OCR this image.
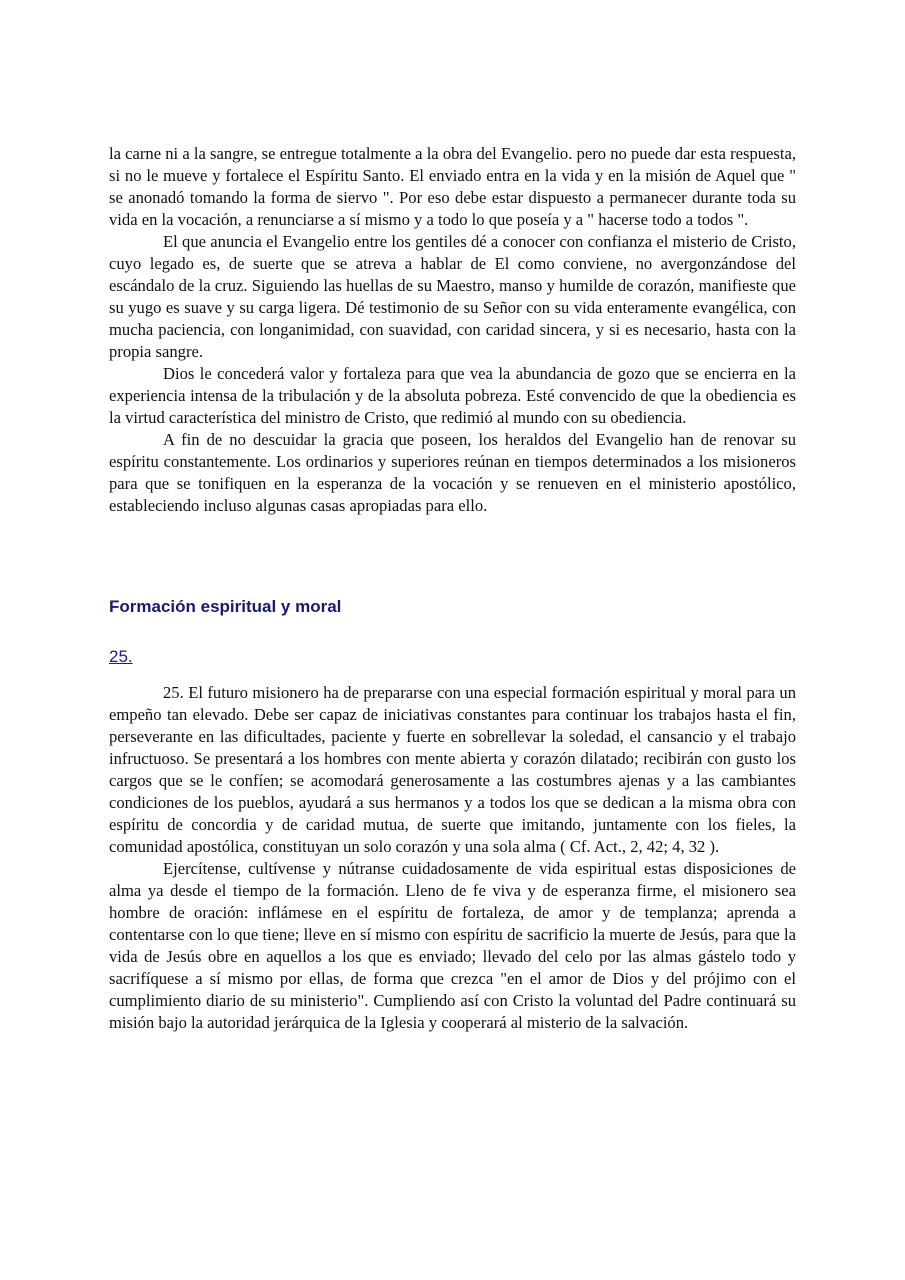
la carne ni a la sangre, se entregue totalmente a la obra del Evangelio. pero no puede dar esta respuesta, si no le mueve y fortalece el Espíritu Santo. El enviado entra en la vida y en la misión de Aquel que " se anonadó tomando la forma de siervo ". Por eso debe estar dispuesto a permanecer durante toda su vida en la vocación, a renunciarse a sí mismo y a todo lo que poseía y a " hacerse todo a todos ".

El que anuncia el Evangelio entre los gentiles dé a conocer con confianza el misterio de Cristo, cuyo legado es, de suerte que se atreva a hablar de El como conviene, no avergonzándose del escándalo de la cruz. Siguiendo las huellas de su Maestro, manso y humilde de corazón, manifieste que su yugo es suave y su carga ligera. Dé testimonio de su Señor con su vida enteramente evangélica, con mucha paciencia, con longanimidad, con suavidad, con caridad sincera, y si es necesario, hasta con la propia sangre.

Dios le concederá valor y fortaleza para que vea la abundancia de gozo que se encierra en la experiencia intensa de la tribulación y de la absoluta pobreza. Esté convencido de que la obediencia es la virtud característica del ministro de Cristo, que redimió al mundo con su obediencia.

A fin de no descuidar la gracia que poseen, los heraldos del Evangelio han de renovar su espíritu constantemente. Los ordinarios y superiores reúnan en tiempos determinados a los misioneros para que se tonifiquen en la esperanza de la vocación y se renueven en el ministerio apostólico, estableciendo incluso algunas casas apropiadas para ello.

Formación espiritual y moral
25.

25. El futuro misionero ha de prepararse con una especial formación espiritual y moral para un empeño tan elevado. Debe ser capaz de iniciativas constantes para continuar los trabajos hasta el fin, perseverante en las dificultades, paciente y fuerte en sobrellevar la soledad, el cansancio y el trabajo infructuoso. Se presentará a los hombres con mente abierta y corazón dilatado; recibirán con gusto los cargos que se le confíen; se acomodará generosamente a las costumbres ajenas y a las cambiantes condiciones de los pueblos, ayudará a sus hermanos y a todos los que se dedican a la misma obra con espíritu de concordia y de caridad mutua, de suerte que imitando, juntamente con los fieles, la comunidad apostólica, constituyan un solo corazón y una sola alma ( Cf. Act., 2, 42; 4, 32 ).

Ejercítense, cultívense y nútranse cuidadosamente de vida espiritual estas disposiciones de alma ya desde el tiempo de la formación. Lleno de fe viva y de esperanza firme, el misionero sea hombre de oración: inflámese en el espíritu de fortaleza, de amor y de templanza; aprenda a contentarse con lo que tiene; lleve en sí mismo con espíritu de sacrificio la muerte de Jesús, para que la vida de Jesús obre en aquellos a los que es enviado; llevado del celo por las almas gástelo todo y sacrifíquese a sí mismo por ellas, de forma que crezca "en el amor de Dios y del prójimo con el cumplimiento diario de su ministerio". Cumpliendo así con Cristo la voluntad del Padre continuará su misión bajo la autoridad jerárquica de la Iglesia y cooperará al misterio de la salvación.
